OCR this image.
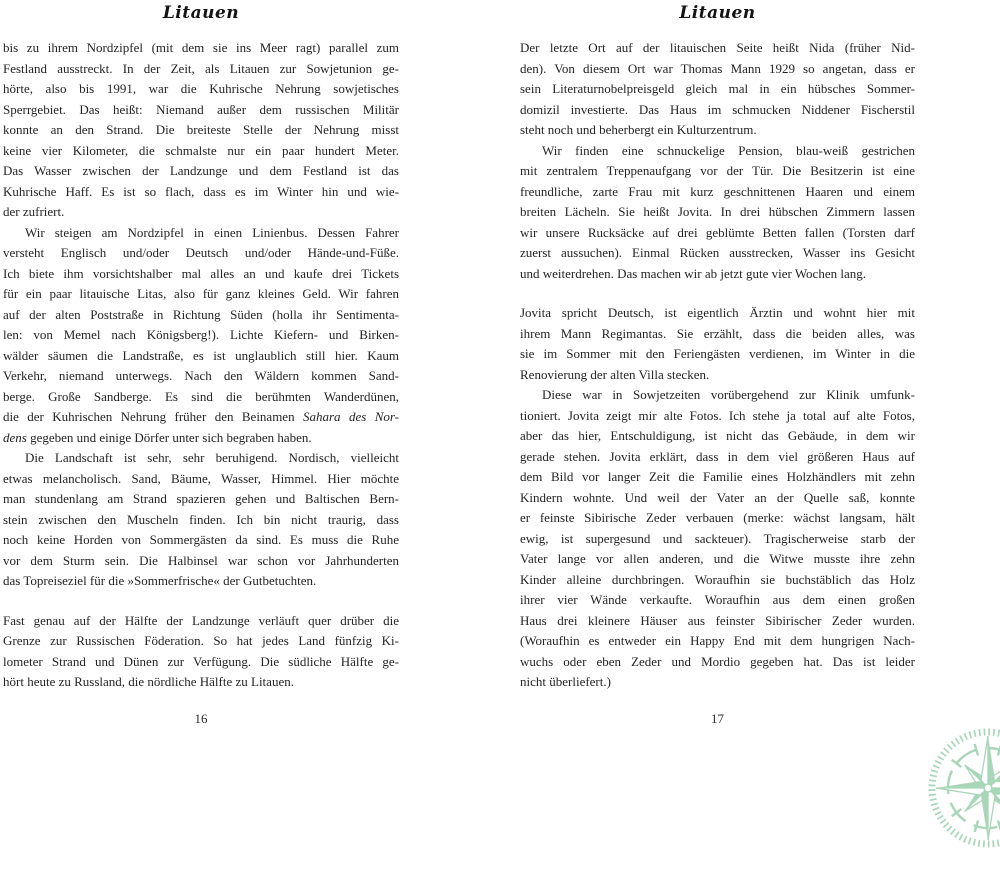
Litauen	Litauen
bis zu ihrem Nordzipfel (mit dem sie ins Meer ragt) parallel zum
Festland ausstreckt. In der Zeit, als Litauen zur Sowjetunion ge-
hörte, also bis 1991, war die Kuhrische Nehrung sowjetisches
Sperrgebiet. Das heißt: Niemand außer dem russischen Militär
konnte an den Strand. Die breiteste Stelle der Nehrung misst
keine vier Kilometer, die schmalste nur ein paar hundert Meter.
Das Wasser zwischen der Landzunge und dem Festland ist das
Kuhrische Haff. Es ist so flach, dass es im Winter hin und wie-
der zufriert.
Wir steigen am Nordzipfel in einen Linienbus. Dessen Fahrer
versteht Englisch und/oder Deutsch und/oder Hände-und-Füße.
Ich biete ihm vorsichtshalber mal alles an und kaufe drei Tickets
für ein paar litauische Litas, also für ganz kleines Geld. Wir fahren
auf der alten Poststraße in Richtung Süden (holla ihr Sentimenta-
len: von Memel nach Königsberg!). Lichte Kiefern- und Birken-
wälder säumen die Landstraße, es ist unglaublich still hier. Kaum
Verkehr, niemand unterwegs. Nach den Wäldern kommen Sand-
berge. Große Sandberge. Es sind die berühmten Wanderdünen,
die der Kuhrischen Nehrung früher den Beinamen Sahara des Nor-
dens gegeben und einige Dörfer unter sich begraben haben.
Die Landschaft ist sehr, sehr beruhigend. Nordisch, vielleicht
etwas melancholisch. Sand, Bäume, Wasser, Himmel. Hier möchte
man stundenlang am Strand spazieren gehen und Baltischen Bern-
stein zwischen den Muscheln finden. Ich bin nicht traurig, dass
noch keine Horden von Sommergästen da sind. Es muss die Ruhe
vor dem Sturm sein. Die Halbinsel war schon vor Jahrhunderten
das Topreiseziel für die »Sommerfrische« der Gutbetuchten.
Fast genau auf der Hälfte der Landzunge verläuft quer drüber die
Grenze zur Russischen Föderation. So hat jedes Land fünfzig Ki-
lometer Strand und Dünen zur Verfügung. Die südliche Hälfte ge-
hört heute zu Russland, die nördliche Hälfte zu Litauen.
Der letzte Ort auf der litauischen Seite heißt Nida (früher Nid-
den). Von diesem Ort war Thomas Mann 1929 so angetan, dass er
sein Literaturnobelpreisgeld gleich mal in ein hübsches Sommer-
domizil investierte. Das Haus im schmucken Niddener Fischerstil
steht noch und beherbergt ein Kulturzentrum.
Wir finden eine schnuckelige Pension, blau-weiß gestrichen
mit zentralem Treppenaufgang vor der Tür. Die Besitzerin ist eine
freundliche, zarte Frau mit kurz geschnittenen Haaren und einem
breiten Lächeln. Sie heißt Jovita. In drei hübschen Zimmern lassen
wir unsere Rucksäcke auf drei geblümte Betten fallen (Torsten darf
zuerst aussuchen). Einmal Rücken ausstrecken, Wasser ins Gesicht
und weiterdrehen. Das machen wir ab jetzt gute vier Wochen lang.
Jovita spricht Deutsch, ist eigentlich Ärztin und wohnt hier mit
ihrem Mann Regimantas. Sie erzählt, dass die beiden alles, was
sie im Sommer mit den Feriengästen verdienen, im Winter in die
Renovierung der alten Villa stecken.
Diese war in Sowjetzeiten vorübergehend zur Klinik umfunk-
tioniert. Jovita zeigt mir alte Fotos. Ich stehe ja total auf alte Fotos,
aber das hier, Entschuldigung, ist nicht das Gebäude, in dem wir
gerade stehen. Jovita erklärt, dass in dem viel größeren Haus auf
dem Bild vor langer Zeit die Familie eines Holzhändlers mit zehn
Kindern wohnte. Und weil der Vater an der Quelle saß, konnte
er feinste Sibirische Zeder verbauen (merke: wächst langsam, hält
ewig, ist supergesund und sackteuer). Tragischerweise starb der
Vater lange vor allen anderen, und die Witwe musste ihre zehn
Kinder alleine durchbringen. Woraufhin sie buchstäblich das Holz
ihrer vier Wände verkaufte. Woraufhin aus dem einen großen
Haus drei kleinere Häuser aus feinster Sibirischer Zeder wurden.
(Woraufhin es entweder ein Happy End mit dem hungrigen Nach-
wuchs oder eben Zeder und Mordio gegeben hat. Das ist leider
nicht überliefert.)
16	17
